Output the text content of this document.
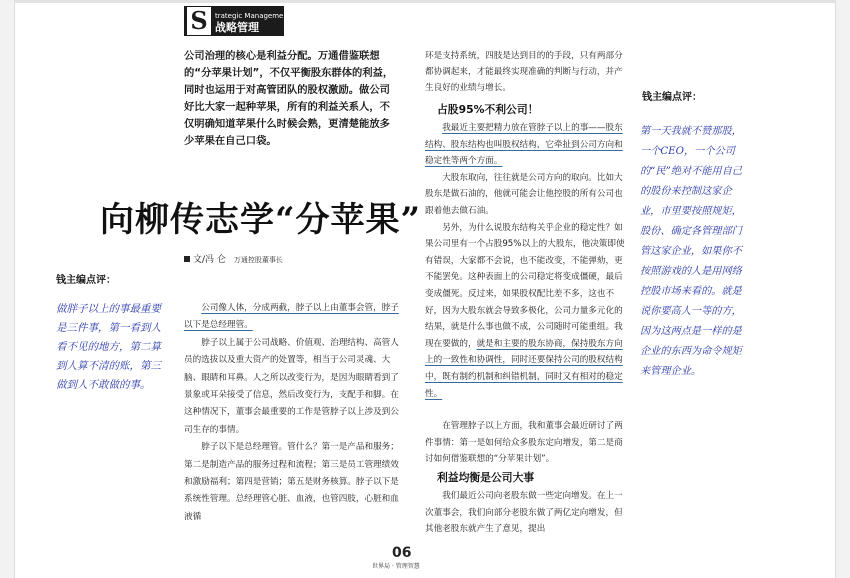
S	trategic Management
战略管理
公司治理的核心是利益分配。万通借鉴联想的“分苹果计划”，不仅平衡股东群体的利益，同时也运用于对高管团队的股权激励。做公司好比大家一起种苹果，所有的利益关系人，不仅明确知道苹果什么时候会熟，更清楚能放多少苹果在自己口袋。
向柳传志学“分苹果”
文/冯 仑 万通控股董事长
钱主编点评：
做胖子以上的事最重要是三件事，第一看到人看不见的地方，第二算到人算不清的账，第三做到人不敢做的事。

公司像人体，分成两截，脖子以上由董事会管，脖子以下是总经理管。

脖子以上属于公司战略、价值观、治理结构、高管人员的选拔以及重大资产的处置等，相当于公司灵魂、大脑、眼睛和耳鼻。人之所以改变行为，是因为眼睛看到了景象或耳朵接受了信息，然后改变行为，支配手和脚。在这种情况下，董事会最重要的工作是管脖子以上涉及到公司生存的事情。

脖子以下是总经理管。管什么？第一是产品和服务；第二是制造产品的服务过程和流程；第三是员工管理绩效和激励福利；第四是营销；第五是财务核算。脖子以下是系统性管理。总经理管心脏、血液，也管四肢，心脏和血液循

环是支持系统，四肢是达到目的的手段，只有两部分都协调起来，才能最终实现准确的判断与行动，并产生良好的业绩与增长。
占股95%不利公司！

我最近主要把精力放在管脖子以上的事——股东结构、股东结构也叫股权结构，它牵扯到公司方向和稳定性等两个方面。

大股东取向，往往就是公司方向的取向。比如大股东是做石油的，他就可能会让他控股的所有公司也跟着他去做石油。

另外，为什么说股东结构关乎企业的稳定性？如果公司里有一个占股95%以上的大股东，他决策即使有错误，大家都不会说，也不能改变，不能弹劾，更不能罢免。这种表面上的公司稳定将变成僵硬，最后变成僵死。反过来，如果股权配比差不多，这也不好，因为大股东就会导致多极化，公司力量多元化的结果，就是什么事也做不成，公司随时可能重组。我现在要做的，就是和主要的股东协商，保持股东方向上的一致性和协调性，同时还要保持公司的股权结构中，既有制约机制和纠错机制，同时又有相对的稳定性。

在管理脖子以上方面，我和董事会最近研讨了两件事情：第一是如何给众多股东定向增发，第二是商讨如何借鉴联想的“分苹果计划”。

利益均衡是公司大事

我们最近公司向老股东做一些定向增发。在上一次董事会，我们向部分老股东做了两亿定向增发，但其他老股东就产生了意见，提出

钱主编点评：
第一天我就不赞那股，一个CEO，一个公司的“民”绝对不能用自己的股份来控制这家企业，市里要按照规矩，股份、确定各管理部门管这家企业，如果你不按照游戏的人是用网络控股市场来看的。就是说你要高人一等的方，因为这两点是一样的是企业的东西为命令规矩来管理企业。
06
世界局 · 管理智慧
